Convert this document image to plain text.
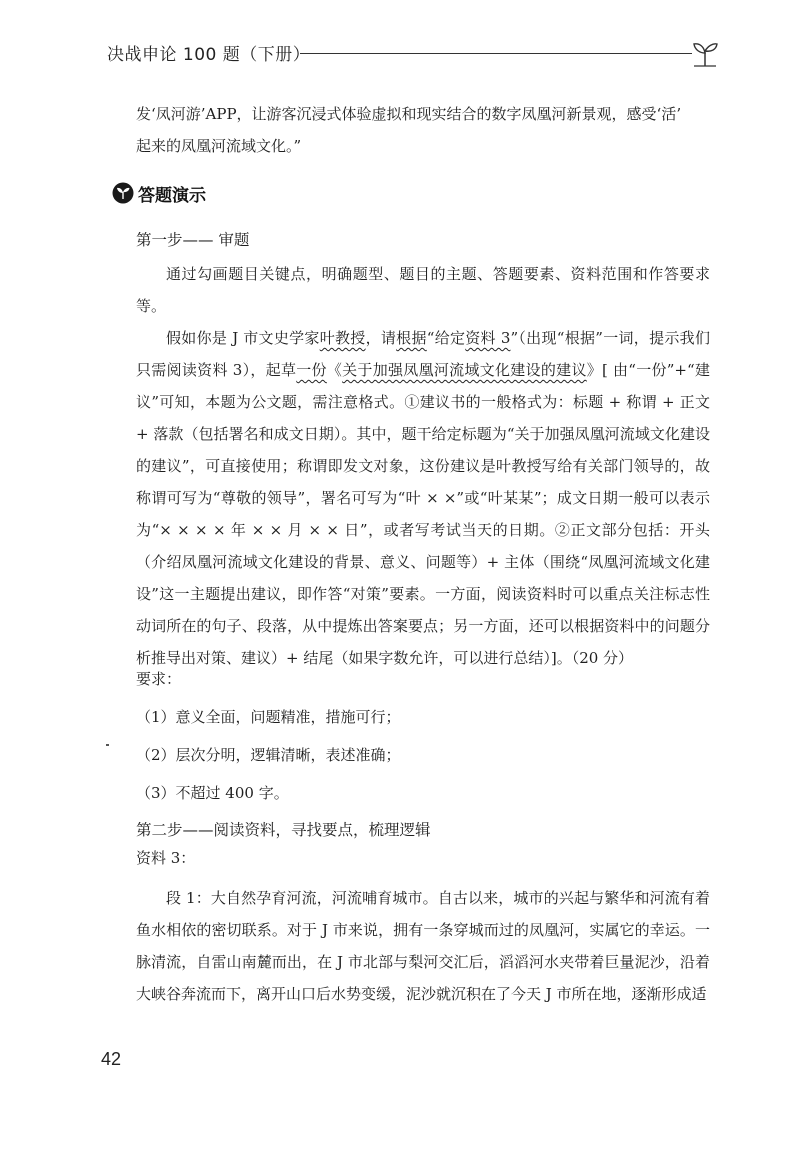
决战申论 100 题（下册）
发‘凤河游’APP，让游客沉浸式体验虚拟和现实结合的数字凤凰河新景观，感受‘活’
起来的凤凰河流域文化。”
答题演示
第一步—— 审题

通过勾画题目关键点，明确题型、题目的主题、答题要素、资料范围和作答要求等。

假如你是 J 市文史学家叶教授，请根据“给定资料 3”（出现“根据”一词，提示我们只需阅读资料 3），起草一份《关于加强凤凰河流域文化建设的建议》[ 由“一份”+“建议”可知，本题为公文题，需注意格式。①建议书的一般格式为：标题 + 称谓 + 正文 + 落款（包括署名和成文日期）。其中，题干给定标题为“关于加强凤凰河流域文化建设的建议”，可直接使用；称谓即发文对象，这份建议是叶教授写给有关部门领导的，故称谓可写为“尊敬的领导”，署名可写为“叶 × ×”或“叶某某”；成文日期一般可以表示为“× × × × 年 × × 月 × × 日”，或者写考试当天的日期。②正文部分包括：开头（介绍凤凰河流域文化建设的背景、意义、问题等）+ 主体（围绕“凤凰河流域文化建设”这一主题提出建议，即作答“对策”要素。一方面，阅读资料时可以重点关注标志性动词所在的句子、段落，从中提炼出答案要点；另一方面，还可以根据资料中的问题分析推导出对策、建议）+ 结尾（如果字数允许，可以进行总结）]。（20 分）

要求：
（1）意义全面，问题精准，措施可行；
（2）层次分明，逻辑清晰，表述准确；
（3）不超过 400 字。
第二步——阅读资料，寻找要点，梳理逻辑
资料 3：

段 1：大自然孕育河流，河流哺育城市。自古以来，城市的兴起与繁华和河流有着鱼水相依的密切联系。对于 J 市来说，拥有一条穿城而过的凤凰河，实属它的幸运。一脉清流，自雷山南麓而出，在 J 市北部与梨河交汇后，滔滔河水夹带着巨量泥沙，沿着大峡谷奔流而下，离开山口后水势变缓，泥沙就沉积在了今天 J 市所在地，逐渐形成适

42
